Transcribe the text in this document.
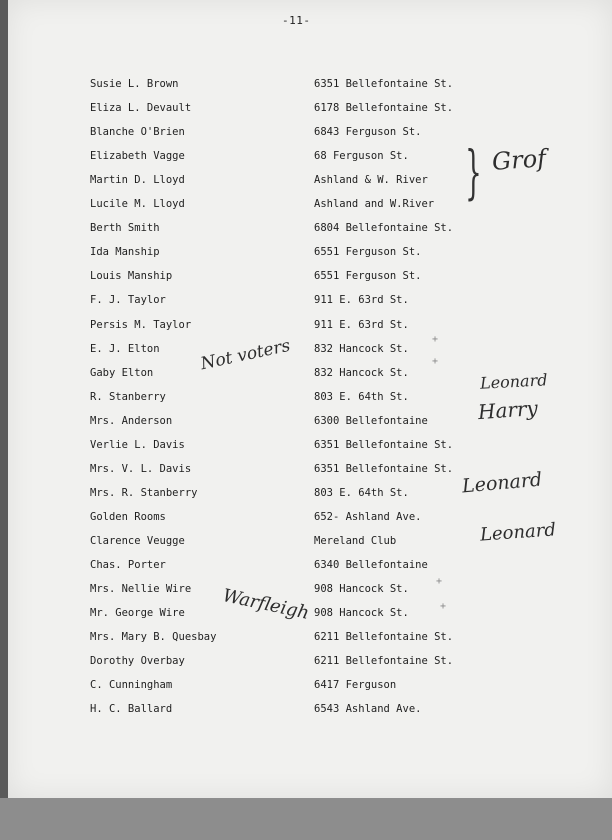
-11-
Susie L. Brown	6351 Bellefontaine St.
Eliza L. Devault	6178 Bellefontaine St.
Blanche O'Brien	6843 Ferguson St.
Elizabeth Vagge	68 Ferguson St.
Martin D. Lloyd	Ashland & W. River
Lucile M. Lloyd	Ashland and W.River
Berth Smith	6804 Bellefontaine St.
Ida Manship	6551 Ferguson St.
Louis Manship	6551 Ferguson St.
F. J. Taylor	911 E. 63rd St.
Persis M. Taylor	911 E. 63rd St.
E. J. Elton	832 Hancock St.
Gaby Elton	832 Hancock St.
R. Stanberry	803 E. 64th St.
Mrs. Anderson	6300 Bellefontaine
Verlie L. Davis	6351 Bellefontaine St.
Mrs. V. L. Davis	6351 Bellefontaine St.
Mrs. R. Stanberry	803 E. 64th St.
Golden Rooms	652- Ashland Ave.
Clarence Veugge	Mereland Club
Chas. Porter	6340 Bellefontaine
Mrs. Nellie Wire	908 Hancock St.
Mr. George Wire	908 Hancock St.
Mrs. Mary B. Quesbay	6211 Bellefontaine St.
Dorothy Overbay	6211 Bellefontaine St.
C. Cunningham	6417 Ferguson
H. C. Ballard	6543 Ashland Ave.
} Grof
Not voters
Leonard
Harry
Leonard
Leonard
Warfleigh
+
+
+
+
